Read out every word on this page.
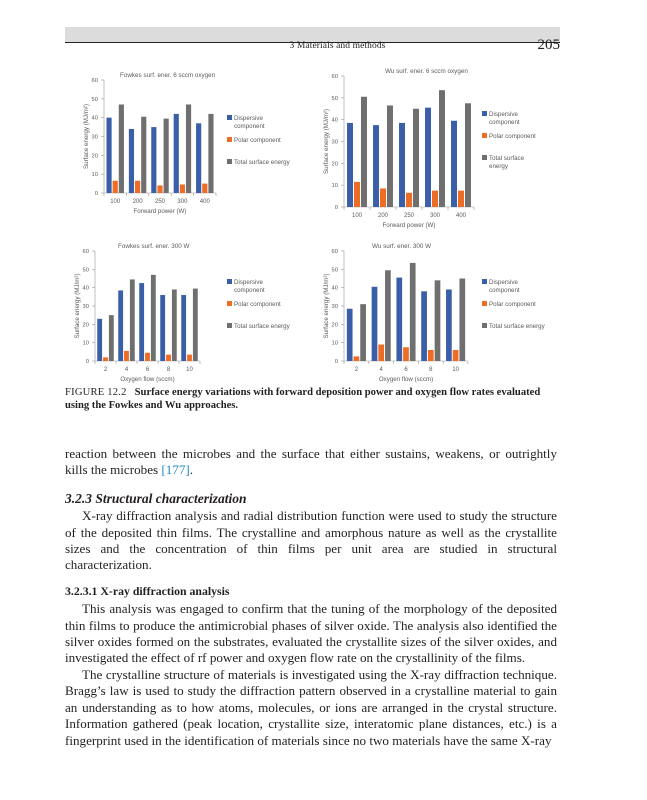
3 Materials and methods	205
Fowkes surf. ener. 6 sccm oxygen
0
10
20
30
40
50
60
100 200 250 300 400
Forward power (W)
Surface energy (MJ/m²)	Dispersive
component
Polar component
Total surface energy
Wu surf. ener. 6 sccm oxygen
0
10
20
30
40
50
60
100	200	250	300	400
Forward power (W)
Surface energy (MJ/m²)	Dispersive
component
Polar component
Total surface
energy
Fowkes surf. ener. 300 W
0
10
20
30
40
50
60
2	4	6	8	10
Oxygen flow (sccm)
Surface energy (MJ/m²)	Dispersive
component
Polar component
Total surface energy
Wu surf. ener. 300 W
0
10
20
30
40
50
60
2	4	6	8	10
Oxygen flow (sccm)
Surface energy (MJ/m²)	Dispersive
component
Polar component
Total surface energy
FIGURE 12.2 Surface energy variations with forward deposition power and oxygen flow rates evaluated using the Fowkes and Wu approaches.

reaction between the microbes and the surface that either sustains, weakens, or outrightly kills the microbes [177].

3.2.3 Structural characterization

X-ray diffraction analysis and radial distribution function were used to study the structure of the deposited thin films. The crystalline and amorphous nature as well as the crystallite sizes and the concentration of thin films per unit area are studied in structural characterization.

3.2.3.1 X-ray diffraction analysis

This analysis was engaged to confirm that the tuning of the morphology of the deposited thin films to produce the antimicrobial phases of silver oxide. The analysis also identified the silver oxides formed on the substrates, evaluated the crystallite sizes of the silver oxides, and investigated the effect of rf power and oxygen flow rate on the crystallinity of the films.

The crystalline structure of materials is investigated using the X-ray diffraction technique. Bragg’s law is used to study the diffraction pattern observed in a crystalline material to gain an understanding as to how atoms, molecules, or ions are arranged in the crystal structure. Information gathered (peak location, crystallite size, interatomic plane distances, etc.) is a fingerprint used in the identification of materials since no two materials have the same X-ray
